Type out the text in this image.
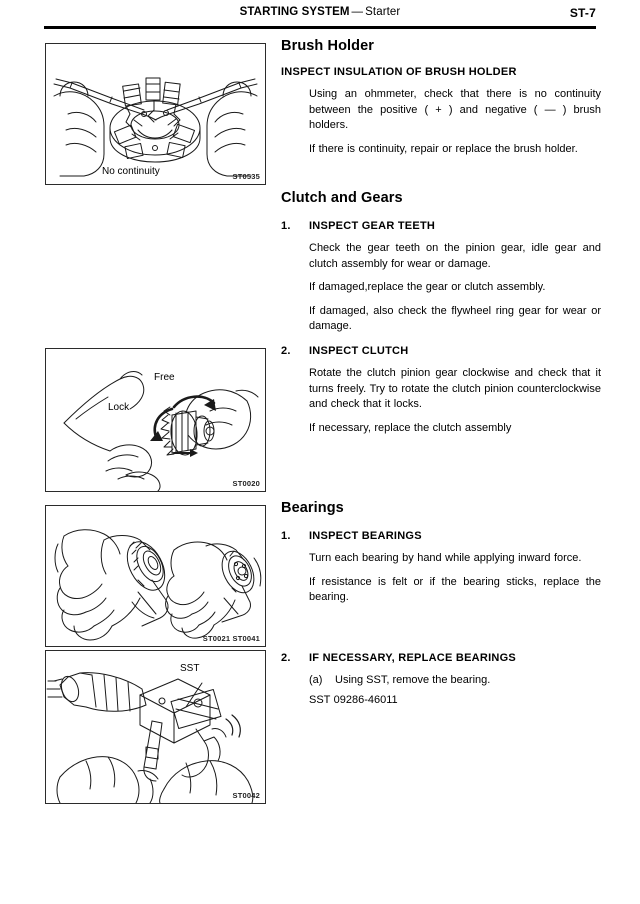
STARTING SYSTEM — Starter	ST-7
No continuity	ST0535
Free
Lock
ST0020
ST0021 ST0041
SST
ST0042
Brush Holder
INSPECT INSULATION OF BRUSH HOLDER
Using an ohmmeter, check that there is no continuity between the positive ( + ) and negative ( — ) brush holders.
If there is continuity, repair or replace the brush holder.
Clutch and Gears
1. INSPECT GEAR TEETH
Check the gear teeth on the pinion gear, idle gear and clutch assembly for wear or damage.
If damaged,replace the gear or clutch assembly.
If damaged, also check the flywheel ring gear for wear or damage.
2. INSPECT CLUTCH
Rotate the clutch pinion gear clockwise and check that it turns freely. Try to rotate the clutch pinion counterclockwise and check that it locks.
If necessary, replace the clutch assembly
Bearings
1. INSPECT BEARINGS
Turn each bearing by hand while applying inward force.
If resistance is felt or if the bearing sticks, replace the bearing.
2. IF NECESSARY, REPLACE BEARINGS
(a)	Using SST, remove the bearing.
SST 09286-46011
